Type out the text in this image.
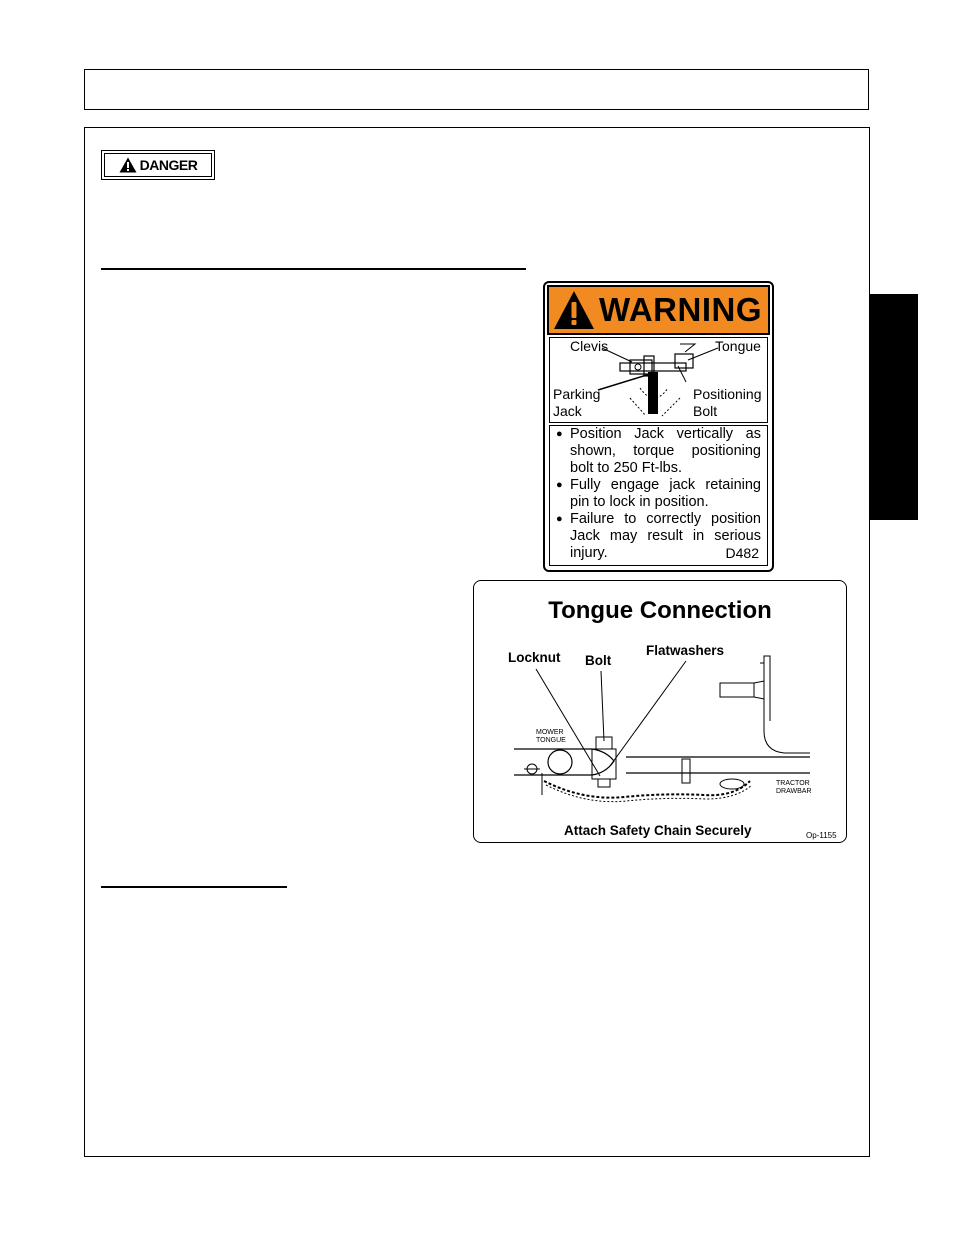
DANGER
WARNING
Clevis	Tongue
Parking
Jack
Positioning
Bolt
● Position Jack vertically as shown, torque positioning bolt to 250 Ft-lbs.
● Fully engage jack retaining pin to lock in position.
● Failure to correctly position Jack may result in serious injury.	D482
Tongue Connection
Locknut Bolt
Flatwashers
MOWER
TONGUE
TRACTOR
DRAWBAR
Attach Safety Chain Securely	Op-1155
